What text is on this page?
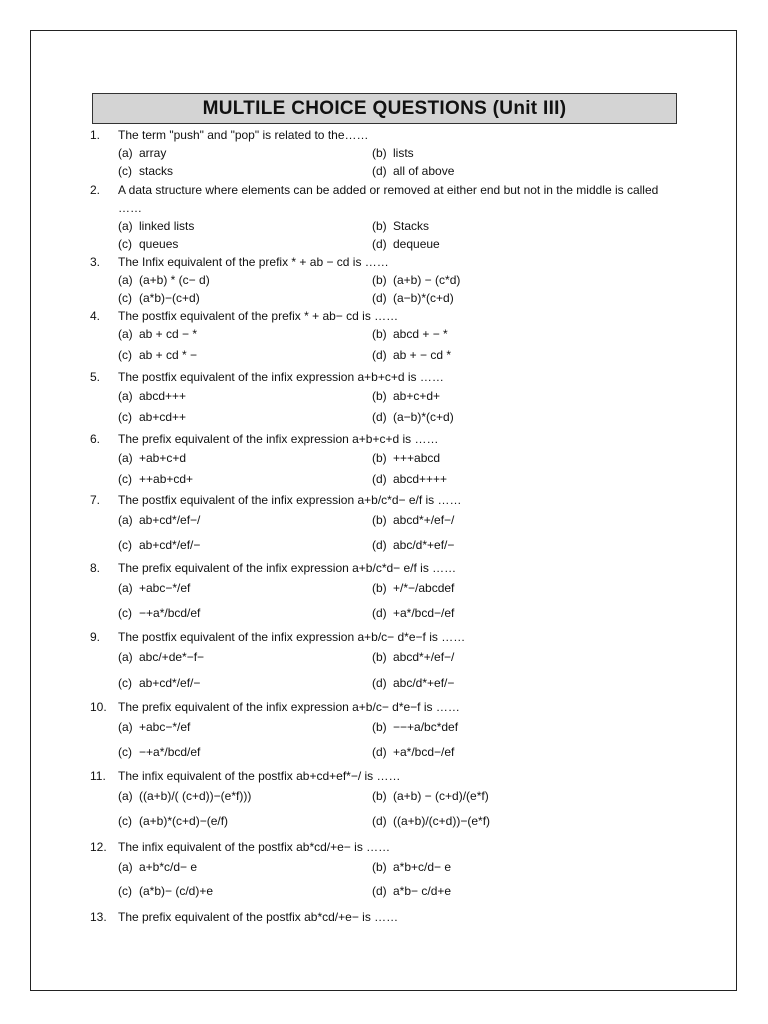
MULTILE CHOICE QUESTIONS (Unit III)
1. The term "push" and "pop" is related to the……
(a) array	(b) lists
(c) stacks	(d) all of above
2. A data structure where elements can be added or removed at either end but not in the middle is called ……
(a) linked lists	(b) Stacks
(c) queues	(d) dequeue
3. The Infix equivalent of the prefix * + ab − cd is ……
(a) (a+b) * (c− d)	(b) (a+b) − (c*d)
(c) (a*b)−(c+d)	(d) (a−b)*(c+d)
4. The postfix equivalent of the prefix * + ab− cd is ……
(a) ab + cd − *	(b) abcd + − *
(c) ab + cd * −	(d) ab + − cd *
5. The postfix equivalent of the infix expression a+b+c+d is ……
(a) abcd+++	(b) ab+c+d+
(c) ab+cd++	(d) (a−b)*(c+d)
6. The prefix equivalent of the infix expression a+b+c+d is ……
(a) +ab+c+d	(b) +++abcd
(c) ++ab+cd+	(d) abcd++++
7. The postfix equivalent of the infix expression a+b/c*d− e/f is ……
(a) ab+cd*/ef−/	(b) abcd*+/ef−/
(c) ab+cd*/ef/−	(d) abc/d*+ef/−
8. The prefix equivalent of the infix expression a+b/c*d− e/f is ……
(a) +abc−*/ef	(b) +/*−/abcdef
(c) −+a*/bcd/ef	(d) +a*/bcd−/ef
9. The postfix equivalent of the infix expression a+b/c− d*e−f is ……
(a) abc/+de*−f−	(b) abcd*+/ef−/
(c) ab+cd*/ef/−	(d) abc/d*+ef/−
10. The prefix equivalent of the infix expression a+b/c− d*e−f is ……
(a) +abc−*/ef	(b) −−+a/bc*def
(c) −+a*/bcd/ef	(d) +a*/bcd−/ef
11. The infix equivalent of the postfix ab+cd+ef*−/ is ……
(a) ((a+b)/( (c+d))−(e*f)))	(b) (a+b) − (c+d)/(e*f)
(c) (a+b)*(c+d)−(e/f)	(d) ((a+b)/(c+d))−(e*f)
12. The infix equivalent of the postfix ab*cd/+e− is ……
(a) a+b*c/d− e	(b) a*b+c/d− e
(c) (a*b)− (c/d)+e	(d) a*b− c/d+e
13. The prefix equivalent of the postfix ab*cd/+e− is ……
